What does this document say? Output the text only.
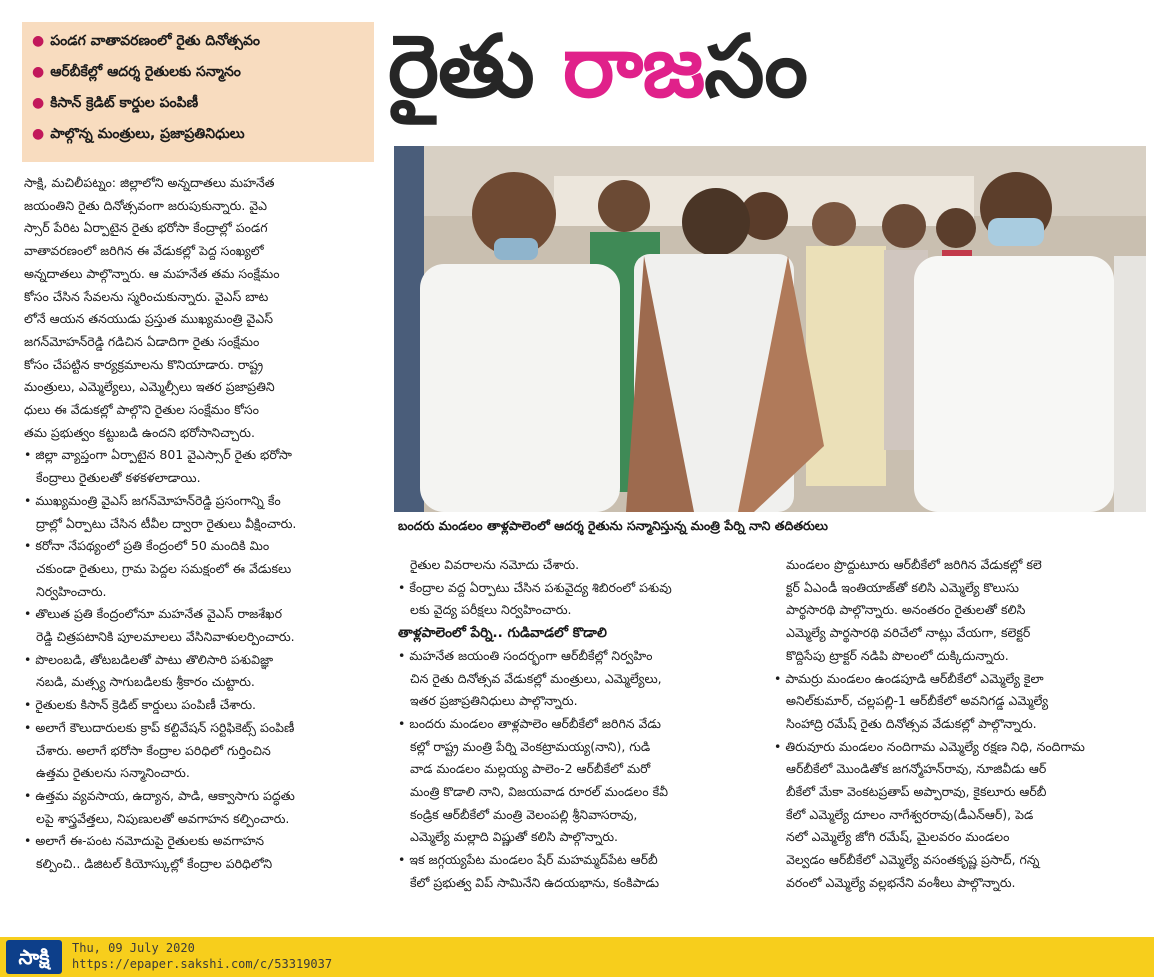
● పండగ వాతావరణంలో రైతు దినోత్సవం
● ఆర్‌బీకేల్లో ఆదర్శ రైతులకు సన్మానం
● కిసాన్‌ క్రెడిట్‌ కార్డుల పంపిణీ
● పాల్గొన్న మంత్రులు, ప్రజాప్రతినిధులు
రైతు రాజసం
బందరు మండలం తాళ్లపాలెంలో ఆదర్శ రైతును సన్మానిస్తున్న మంత్రి పేర్ని నాని తదితరులు

సాక్షి, మచిలీపట్నం: జిల్లాలోని అన్నదాతలు మహనేత

జయంతిని రైతు దినోత్సవంగా జరుపుకున్నారు. వైఎ

స్సార్ పేరిట ఏర్పాటైన రైతు భరోసా కేంద్రాల్లో పండగ

వాతావరణంలో జరిగిన ఈ వేడుకల్లో పెద్ద సంఖ్యలో

అన్నదాతలు పాల్గొన్నారు. ఆ మహనేత తమ సంక్షేమం

కోసం చేసిన సేవలను స్మరించుకున్నారు. వైఎస్ బాట

లోనే ఆయన తనయుడు ప్రస్తుత ముఖ్యమంత్రి వైఎస్

జగన్‌మోహన్‌రెడ్డి గడిచిన ఏడాదిగా రైతు సంక్షేమం

కోసం చేపట్టిన కార్యక్రమాలను కొనియాడారు. రాష్ట్ర

మంత్రులు, ఎమ్మెల్యేలు, ఎమ్మెల్సీలు ఇతర ప్రజాప్రతిని

ధులు ఈ వేడుకల్లో పాల్గొని రైతుల సంక్షేమం కోసం

తమ ప్రభుత్వం కట్టుబడి ఉందని భరోసానిచ్చారు.

• జిల్లా వ్యాప్తంగా ఏర్పాటైన 801 వైఎస్సార్ రైతు భరోసా

కేంద్రాలు రైతులతో కళకళలాడాయి.

• ముఖ్యమంత్రి వైఎస్ జగన్‌మోహన్‌రెడ్డి ప్రసంగాన్ని కేం

ద్రాల్లో ఏర్పాటు చేసిన టీవీల ద్వారా రైతులు వీక్షించారు.

• కరోనా నేపథ్యంలో ప్రతి కేంద్రంలో 50 మందికి మిం

చకుండా రైతులు, గ్రామ పెద్దల సమక్షంలో ఈ వేడుకలు

నిర్వహించారు.

• తొలుత ప్రతి కేంద్రంలోనూ మహనేత వైఎస్ రాజశేఖర

రెడ్డి చిత్రపటానికి పూలమాలలు వేసినివాళులర్పించారు.

• పొలంబడి, తోటబడిలతో పాటు తొలిసారి పశువిజ్ఞా

నబడి, మత్స్య సాగుబడిలకు శ్రీకారం చుట్టారు.

• రైతులకు కిసాన్ క్రెడిట్ కార్డులు పంపిణీ చేశారు.

• అలాగే కౌలుదారులకు క్రాప్ కల్టివేషన్ సర్టిఫికెట్స్ పంపిణీ

చేశారు. అలాగే భరోసా కేంద్రాల పరిధిలో గుర్తించిన

ఉత్తమ రైతులను సన్మానించారు.

• ఉత్తమ వ్యవసాయ, ఉద్యాన, పాడి, ఆక్వాసాగు పద్ధతు

లపై శాస్త్రవేత్తలు, నిపుణులతో అవగాహన కల్పించారు.

• అలాగే ఈ-పంట నమోదుపై రైతులకు అవగాహన

కల్పించి.. డిజిటల్ కియోస్కుల్లో కేంద్రాల పరిధిలోని

రైతుల వివరాలను నమోదు చేశారు.

• కేంద్రాల వద్ద ఏర్పాటు చేసిన పశువైద్య శిబిరంలో పశువు

లకు వైద్య పరీక్షలు నిర్వహించారు.

తాళ్లపాలెంలో పేర్ని.. గుడివాడలో కొడాలి

• మహనేత జయంతి సందర్భంగా ఆర్‌బీకేల్లో నిర్వహిం

చిన రైతు దినోత్సవ వేడుకల్లో మంత్రులు, ఎమ్మెల్యేలు,

ఇతర ప్రజాప్రతినిధులు పాల్గొన్నారు.

• బందరు మండలం తాళ్లపాలెం ఆర్‌బీకేలో జరిగిన వేడు

కల్లో రాష్ట్ర మంత్రి పేర్ని వెంకట్రామయ్య(నాని), గుడి

వాడ మండలం మల్లయ్య పాలెం-2 ఆర్‌బీకేలో మరో

మంత్రి కొడాలి నాని, విజయవాడ రూరల్ మండలం కేవీ

కండ్రిక ఆర్‌బీకేలో మంత్రి వెలంపల్లి శ్రీనివాసరావు,

ఎమ్మెల్యే మల్లాది విష్ణుతో కలిసి పాల్గొన్నారు.

• ఇక జగ్గయ్యపేట మండలం షేర్ మహమ్మద్‌పేట ఆర్‌బీ

కేలో ప్రభుత్వ విప్ సామినేని ఉదయభాను, కంకిపాడు

మండలం ప్రొద్దుటూరు ఆర్‌బీకేలో జరిగిన వేడుకల్లో కలె

క్టర్ ఏఎండీ ఇంతియాజ్‌తో కలిసి ఎమ్మెల్యే కొలుసు

పార్థసారథి పాల్గొన్నారు. అనంతరం రైతులతో కలిసి

ఎమ్మెల్యే పార్థసారథి వరిచేలో నాట్లు వేయగా, కలెక్టర్

కొద్దిసేపు ట్రాక్టర్ నడిపి పొలంలో దుక్కిదున్నారు.

• పామర్రు మండలం ఉండపూడి ఆర్‌బీకేలో ఎమ్మెల్యే కైలా

అనిల్‌కుమార్, చల్లపల్లి-1 ఆర్‌బీకేలో అవనిగడ్డ ఎమ్మెల్యే

సింహాద్రి రమేష్ రైతు దినోత్సవ వేడుకల్లో పాల్గొన్నారు.

• తిరువూరు మండలం నందిగామ ఎమ్మెల్యే రక్షణ నిధి, నందిగామ

ఆర్‌బీకేలో మొండితోక జగన్మోహన్‌రావు, నూజివీడు ఆర్

బీకేలో మేకా వెంకటప్రతాప్ అప్పారావు, కైకలూరు ఆర్‌బీ

కేలో ఎమ్మెల్యే దూలం నాగేశ్వరరావు(డీఎన్ఆర్), పెడ

నలో ఎమ్మెల్యే జోగి రమేష్, మైలవరం మండలం

వెల్వడం ఆర్‌బీకేలో ఎమ్మెల్యే వసంతకృష్ణ ప్రసాద్, గన్న

వరంలో ఎమ్మెల్యే వల్లభనేని వంశీలు పాల్గొన్నారు.

సాక్షి	Thu, 09 July 2020
https://epaper.sakshi.com/c/53319037
